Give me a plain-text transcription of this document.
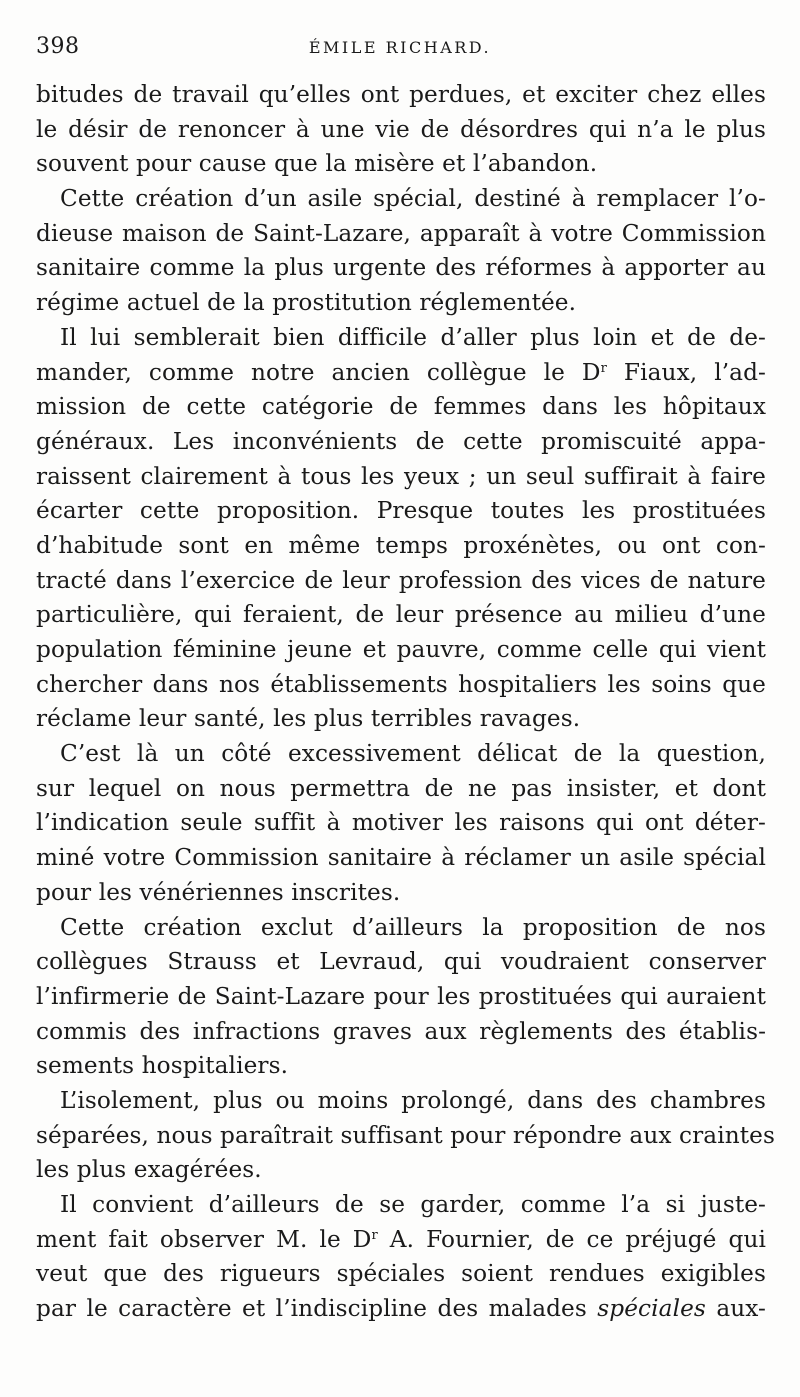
398	ÉMILE RICHARD.
bitudes de travail qu’elles ont perdues, et exciter chez elles
le désir de renoncer à une vie de désordres qui n’a le plus
souvent pour cause que la misère et l’abandon.
Cette création d’un asile spécial, destiné à remplacer l’o-
dieuse maison de Saint-Lazare, apparaît à votre Commission
sanitaire comme la plus urgente des réformes à apporter au
régime actuel de la prostitution réglementée.
Il lui semblerait bien difficile d’aller plus loin et de de-
mander, comme notre ancien collègue le $D^r$ Fiaux, l’ad-
mission de cette catégorie de femmes dans les hôpitaux
généraux. Les inconvénients de cette promiscuité appa-
raissent clairement à tous les yeux ; un seul suffirait à faire
écarter cette proposition. Presque toutes les prostituées
d’habitude sont en même temps proxénètes, ou ont con-
tracté dans l’exercice de leur profession des vices de nature
particulière, qui feraient, de leur présence au milieu d’une
population féminine jeune et pauvre, comme celle qui vient
chercher dans nos établissements hospitaliers les soins que
réclame leur santé, les plus terribles ravages.
C’est là un côté excessivement délicat de la question,
sur lequel on nous permettra de ne pas insister, et dont
l’indication seule suffit à motiver les raisons qui ont déter-
miné votre Commission sanitaire à réclamer un asile spécial
pour les vénériennes inscrites.
Cette création exclut d’ailleurs la proposition de nos
collègues Strauss et Levraud, qui voudraient conserver
l’infirmerie de Saint-Lazare pour les prostituées qui auraient
commis des infractions graves aux règlements des établis-
sements hospitaliers.
L’isolement, plus ou moins prolongé, dans des chambres
séparées, nous paraîtrait suffisant pour répondre aux craintes
les plus exagérées.
Il convient d’ailleurs de se garder, comme l’a si juste-
ment fait observer M. le $D^r$ A. Fournier, de ce préjugé qui
veut que des rigueurs spéciales soient rendues exigibles
par le caractère et l’indiscipline des malades spéciales aux-
